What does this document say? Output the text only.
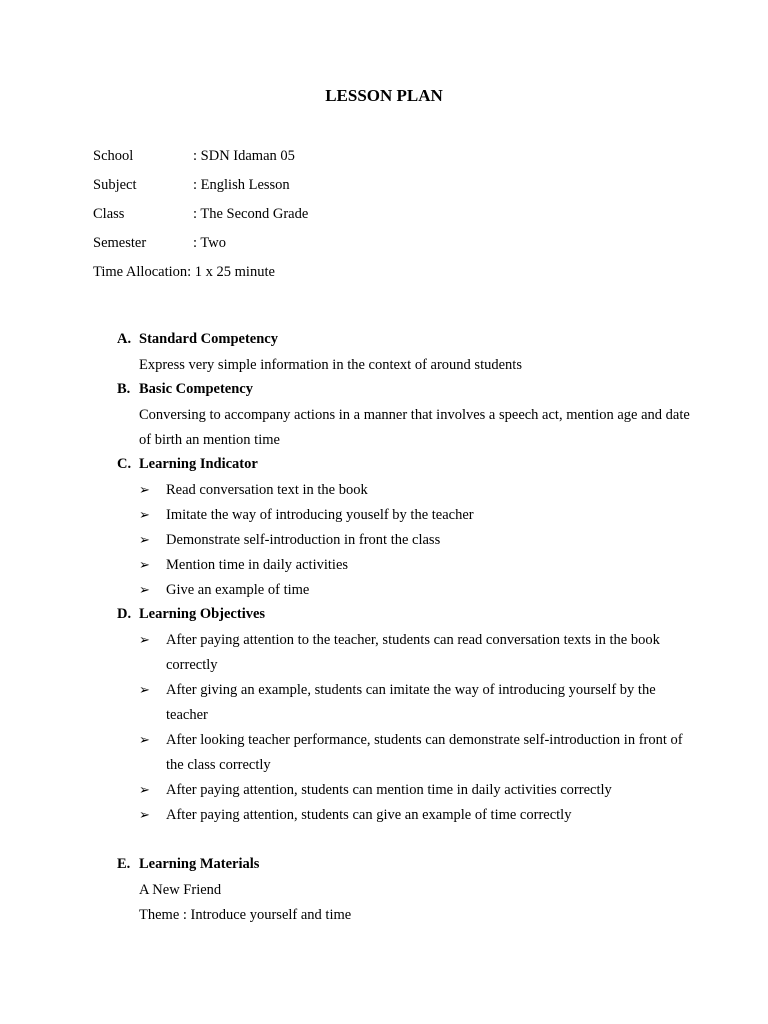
LESSON PLAN
School	: SDN Idaman 05
Subject	: English Lesson
Class	: The Second Grade
Semester	: Two
Time Allocation: 1 x 25 minute
A. Standard Competency
Express very simple information in the context of around students
B. Basic Competency
Conversing to accompany actions in a manner that involves a speech act, mention age and date of birth an mention time
C. Learning Indicator
➢ Read conversation text in the book
➢ Imitate the way of introducing youself by the teacher
➢ Demonstrate self-introduction in front the class
➢ Mention time in daily activities
➢ Give an example of time
D. Learning Objectives
➢ After paying attention to the teacher, students can read conversation texts in the book correctly
➢ After giving an example, students can imitate the way of introducing yourself by the teacher
➢ After looking teacher performance, students can demonstrate self-introduction in front of the class correctly
➢ After paying attention, students can mention time in daily activities correctly
➢ After paying attention, students can give an example of time correctly
E. Learning Materials
A New Friend
Theme : Introduce yourself and time
